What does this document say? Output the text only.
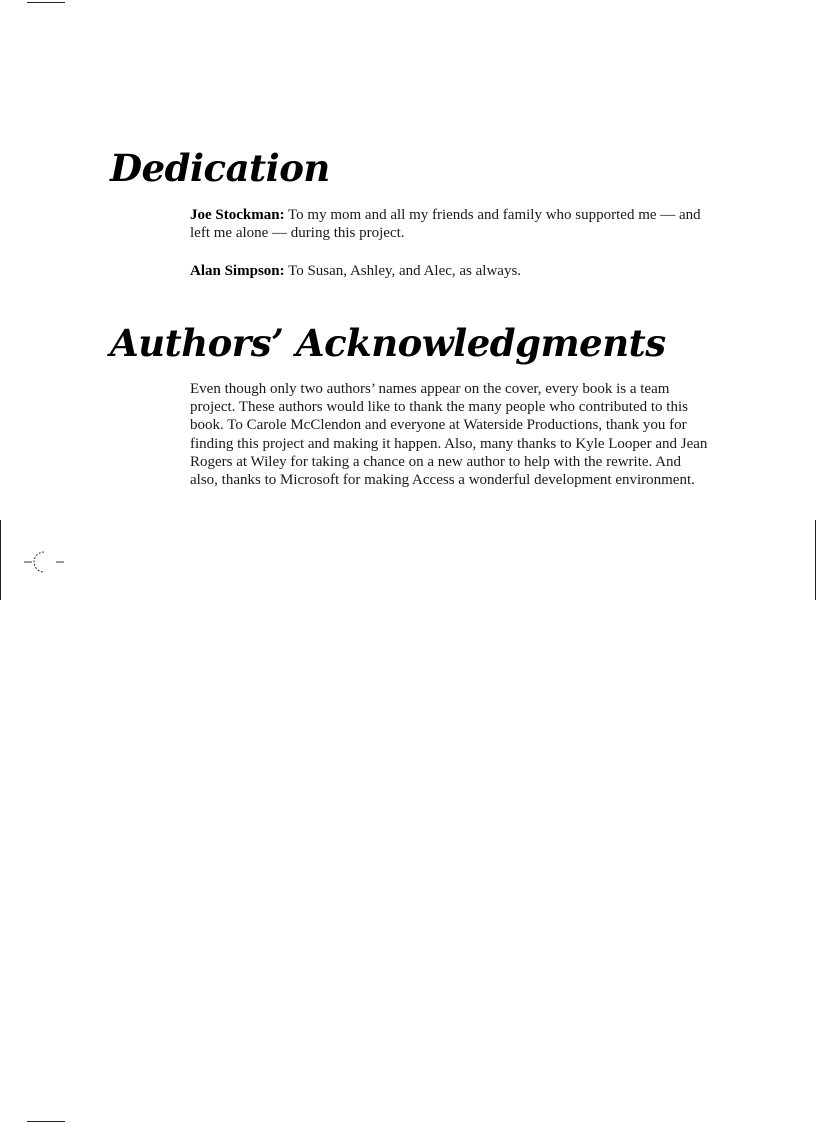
Dedication

Joe Stockman: To my mom and all my friends and family who supported me — and left me alone — during this project.

Alan Simpson: To Susan, Ashley, and Alec, as always.

Authors’ Acknowledgments

Even though only two authors’ names appear on the cover, every book is a team project. These authors would like to thank the many people who contributed to this book. To Carole McClendon and everyone at Waterside Productions, thank you for finding this project and making it happen. Also, many thanks to Kyle Looper and Jean Rogers at Wiley for taking a chance on a new author to help with the rewrite. And also, thanks to Microsoft for making Access a wonderful development environment.
